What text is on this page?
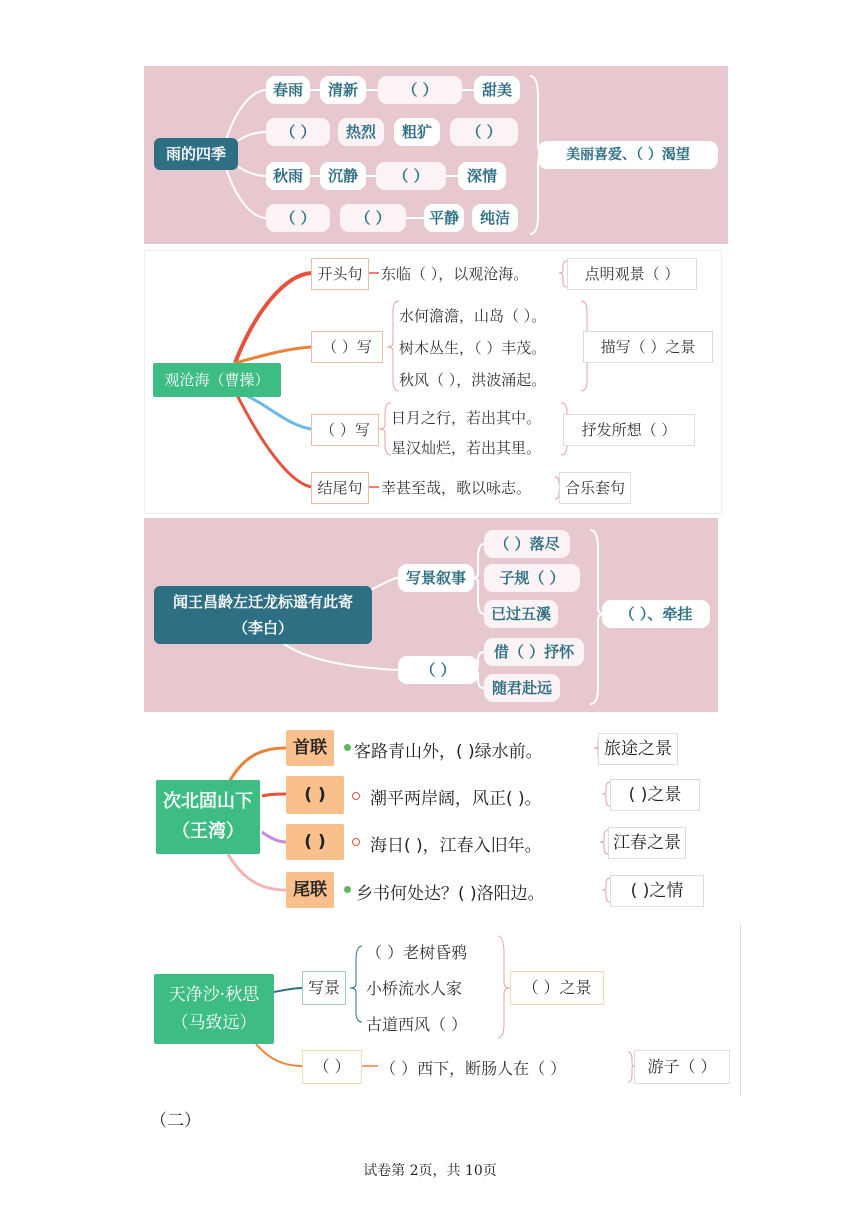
雨的四季
春雨	清新	（ ）	甜美
（ ）	热烈	粗犷	（ ）
秋雨	沉静	（ ）	深情
（ ）	（ ）	平静	纯洁
美丽喜爱、（ ）渴望
观沧海（曹操）
开头句	东临（ ），以观沧海。	点明观景（ ）
（ ）写
水何澹澹，山岛（ ）。
树木丛生，（ ）丰茂。
秋风（ ），洪波涌起。
描写（ ）之景
（ ）写
日月之行，若出其中。
星汉灿烂，若出其里。
抒发所想（ ）
结尾句	幸甚至哉，歌以咏志。	合乐套句
闻王昌龄左迁龙标遥有此寄
（李白）
写景叙事
（ ）落尽
子规（ ）
已过五溪
（ ）
借（ ）抒怀
随君赴远
（ ）、牵挂
次北固山下
（王湾）
首联	客路青山外，( )绿水前。	旅途之景
( )	潮平两岸阔，风正( )。	( )之景
( )	海日( )，江春入旧年。	江春之景
尾联	乡书何处达？( )洛阳边。	( )之情
天净沙·秋思
（马致远）
写景
（ ）老树昏鸦
小桥流水人家
古道西风（ ）
（ ）之景
（ ）	（ ）西下，断肠人在（ ）	游子（ ）
（二）
试卷第 2页，共 10页
